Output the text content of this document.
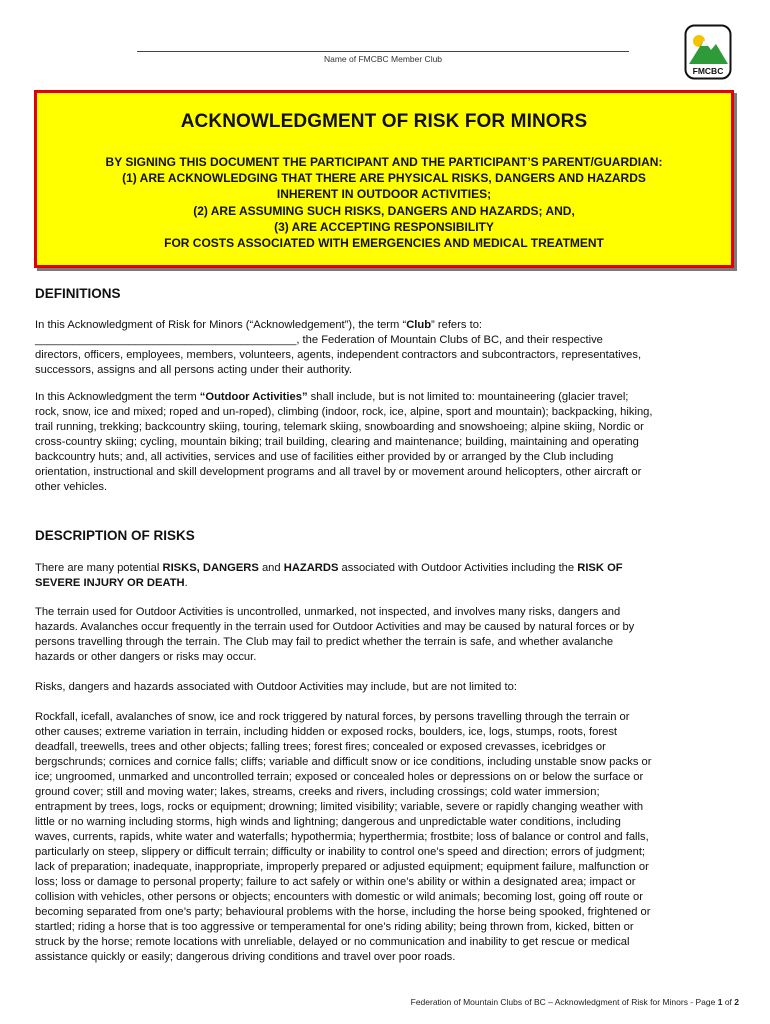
Name of FMCBC Member Club
FMCBC
ACKNOWLEDGMENT OF RISK FOR MINORS
BY SIGNING THIS DOCUMENT THE PARTICIPANT AND THE PARTICIPANT’S PARENT/GUARDIAN:
(1) ARE ACKNOWLEDGING THAT THERE ARE PHYSICAL RISKS, DANGERS AND HAZARDS
INHERENT IN OUTDOOR ACTIVITIES;
(2) ARE ASSUMING SUCH RISKS, DANGERS AND HAZARDS; AND,
(3) ARE ACCEPTING RESPONSIBILITY
FOR COSTS ASSOCIATED WITH EMERGENCIES AND MEDICAL TREATMENT
DEFINITIONS
In this Acknowledgment of Risk for Minors (“Acknowledgement”), the term “Club” refers to:
__________________________________________, the Federation of Mountain Clubs of BC, and their respective
directors, officers, employees, members, volunteers, agents, independent contractors and subcontractors, representatives,
successors, assigns and all persons acting under their authority.
In this Acknowledgment the term “Outdoor Activities” shall include, but is not limited to: mountaineering (glacier travel;
rock, snow, ice and mixed; roped and un-roped), climbing (indoor, rock, ice, alpine, sport and mountain); backpacking, hiking,
trail running, trekking; backcountry skiing, touring, telemark skiing, snowboarding and snowshoeing; alpine skiing, Nordic or
cross-country skiing; cycling, mountain biking; trail building, clearing and maintenance; building, maintaining and operating
backcountry huts; and, all activities, services and use of facilities either provided by or arranged by the Club including
orientation, instructional and skill development programs and all travel by or movement around helicopters, other aircraft or
other vehicles.
DESCRIPTION OF RISKS
There are many potential RISKS, DANGERS and HAZARDS associated with Outdoor Activities including the RISK OF
SEVERE INJURY OR DEATH.
The terrain used for Outdoor Activities is uncontrolled, unmarked, not inspected, and involves many risks, dangers and
hazards. Avalanches occur frequently in the terrain used for Outdoor Activities and may be caused by natural forces or by
persons travelling through the terrain. The Club may fail to predict whether the terrain is safe, and whether avalanche
hazards or other dangers or risks may occur.
Risks, dangers and hazards associated with Outdoor Activities may include, but are not limited to:
Rockfall, icefall, avalanches of snow, ice and rock triggered by natural forces, by persons travelling through the terrain or
other causes; extreme variation in terrain, including hidden or exposed rocks, boulders, ice, logs, stumps, roots, forest
deadfall, treewells, trees and other objects; falling trees; forest fires; concealed or exposed crevasses, icebridges or
bergschrunds; cornices and cornice falls; cliffs; variable and difficult snow or ice conditions, including unstable snow packs or
ice; ungroomed, unmarked and uncontrolled terrain; exposed or concealed holes or depressions on or below the surface or
ground cover; still and moving water; lakes, streams, creeks and rivers, including crossings; cold water immersion;
entrapment by trees, logs, rocks or equipment; drowning; limited visibility; variable, severe or rapidly changing weather with
little or no warning including storms, high winds and lightning; dangerous and unpredictable water conditions, including
waves, currents, rapids, white water and waterfalls; hypothermia; hyperthermia; frostbite; loss of balance or control and falls,
particularly on steep, slippery or difficult terrain; difficulty or inability to control one’s speed and direction; errors of judgment;
lack of preparation; inadequate, inappropriate, improperly prepared or adjusted equipment; equipment failure, malfunction or
loss; loss or damage to personal property; failure to act safely or within one’s ability or within a designated area; impact or
collision with vehicles, other persons or objects; encounters with domestic or wild animals; becoming lost, going off route or
becoming separated from one’s party; behavioural problems with the horse, including the horse being spooked, frightened or
startled; riding a horse that is too aggressive or temperamental for one’s riding ability; being thrown from, kicked, bitten or
struck by the horse; remote locations with unreliable, delayed or no communication and inability to get rescue or medical
assistance quickly or easily; dangerous driving conditions and travel over poor roads.
Federation of Mountain Clubs of BC – Acknowledgment of Risk for Minors - Page 1 of 2
